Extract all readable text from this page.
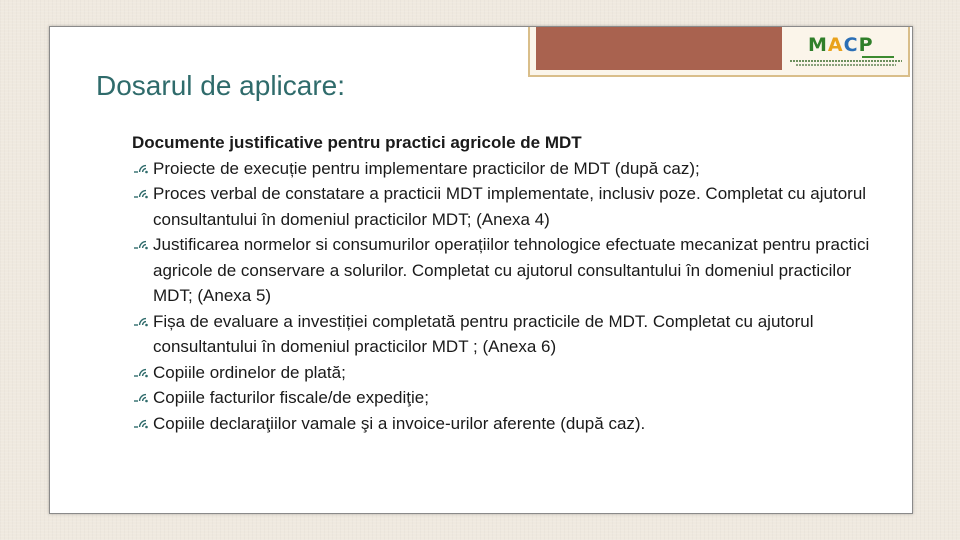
MACP
Dosarul de aplicare:

Documente justificative pentru practici agricole de MDT

Proiecte de execuție pentru implementare practicilor de MDT (după caz);
Proces verbal de constatare a practicii MDT implementate, inclusiv poze. Completat cu ajutorul consultantului în domeniul practicilor MDT; (Anexa 4)
Justificarea normelor si consumurilor operațiilor tehnologice efectuate mecanizat pentru practici agricole de conservare a solurilor. Completat cu ajutorul consultantului în domeniul practicilor MDT; (Anexa 5)
Fișa de evaluare a investiției completată pentru practicile de MDT. Completat cu ajutorul consultantului în domeniul practicilor MDT ; (Anexa 6)
Copiile ordinelor de plată;
Copiile facturilor fiscale/de expediţie;
Copiile declaraţiilor vamale şi a invoice-urilor aferente (după caz).
